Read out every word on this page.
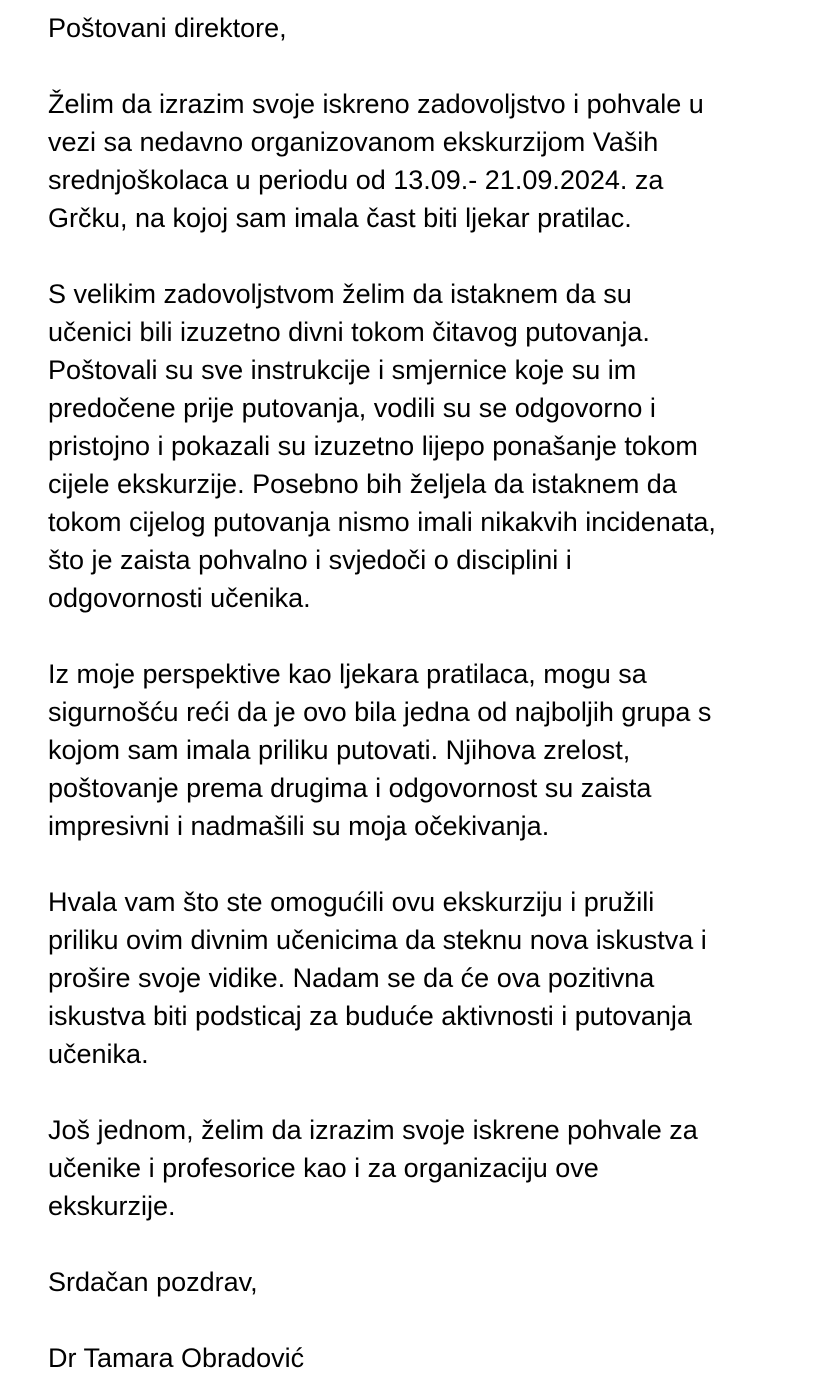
Poštovani direktore,
Želim da izrazim svoje iskreno zadovoljstvo i pohvale u
vezi sa nedavno organizovanom ekskurzijom Vaših
srednjoškolaca u periodu od 13.09.- 21.09.2024. za
Grčku, na kojoj sam imala čast biti ljekar pratilac.
S velikim zadovoljstvom želim da istaknem da su
učenici bili izuzetno divni tokom čitavog putovanja.
Poštovali su sve instrukcije i smjernice koje su im
predočene prije putovanja, vodili su se odgovorno i
pristojno i pokazali su izuzetno lijepo ponašanje tokom
cijele ekskurzije. Posebno bih željela da istaknem da
tokom cijelog putovanja nismo imali nikakvih incidenata,
što je zaista pohvalno i svjedoči o disciplini i
odgovornosti učenika.
Iz moje perspektive kao ljekara pratilaca, mogu sa
sigurnošću reći da je ovo bila jedna od najboljih grupa s
kojom sam imala priliku putovati. Njihova zrelost,
poštovanje prema drugima i odgovornost su zaista
impresivni i nadmašili su moja očekivanja.
Hvala vam što ste omogućili ovu ekskurziju i pružili
priliku ovim divnim učenicima da steknu nova iskustva i
prošire svoje vidike. Nadam se da će ova pozitivna
iskustva biti podsticaj za buduće aktivnosti i putovanja
učenika.
Još jednom, želim da izrazim svoje iskrene pohvale za
učenike i profesorice kao i za organizaciju ove
ekskurzije.
Srdačan pozdrav,
Dr Tamara Obradović
